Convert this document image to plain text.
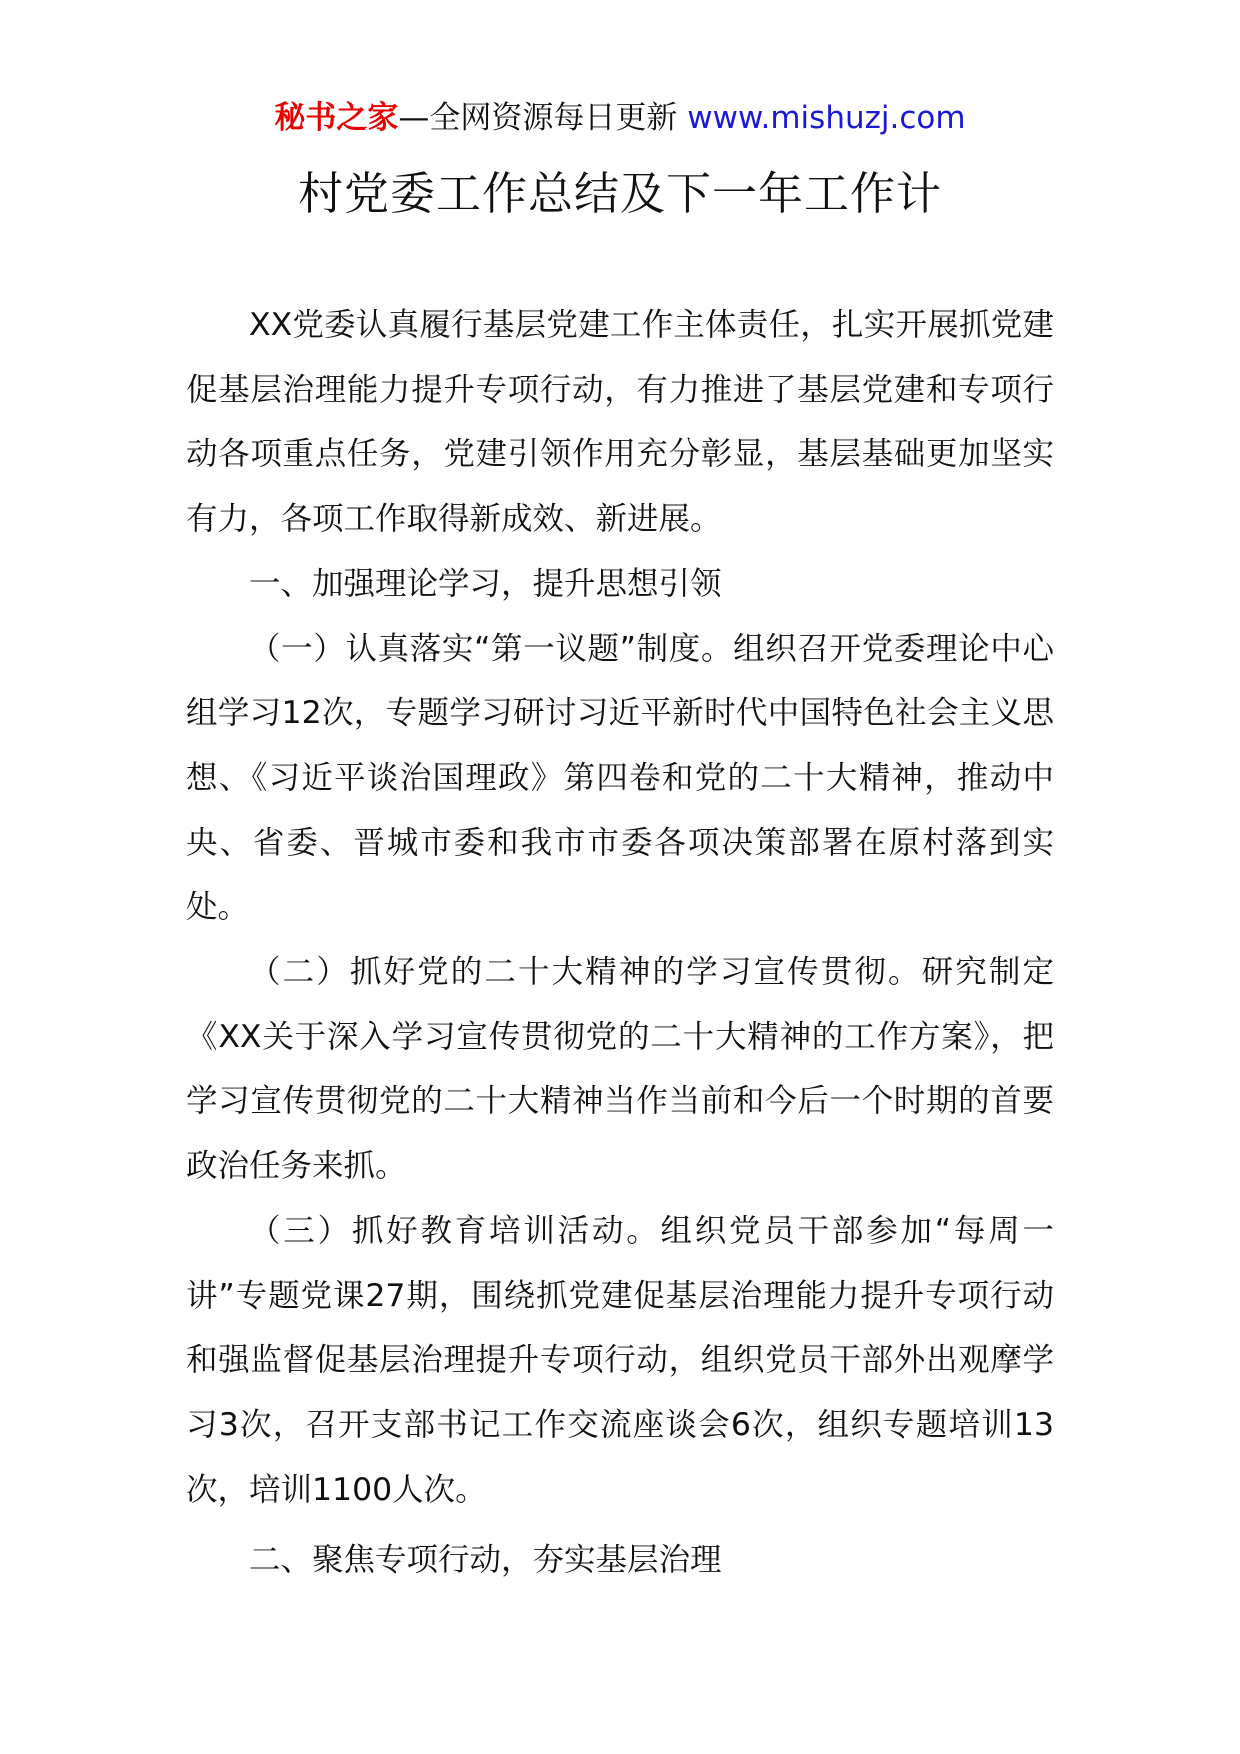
秘书之家—全网资源每日更新 www.mishuzj.com
村党委工作总结及下一年工作计

XX党委认真履行基层党建工作主体责任，扎实开展抓党建促基层治理能力提升专项行动，有力推进了基层党建和专项行动各项重点任务，党建引领作用充分彰显，基层基础更加坚实有力，各项工作取得新成效、新进展。

一、加强理论学习，提升思想引领

（一）认真落实“第一议题”制度。组织召开党委理论中心组学习12次，专题学习研讨习近平新时代中国特色社会主义思想、《习近平谈治国理政》第四卷和党的二十大精神，推动中央、省委、晋城市委和我市市委各项决策部署在原村落到实处。

（二）抓好党的二十大精神的学习宣传贯彻。研究制定《XX关于深入学习宣传贯彻党的二十大精神的工作方案》，把学习宣传贯彻党的二十大精神当作当前和今后一个时期的首要政治任务来抓。

（三）抓好教育培训活动。组织党员干部参加“每周一讲”专题党课27期，围绕抓党建促基层治理能力提升专项行动和强监督促基层治理提升专项行动，组织党员干部外出观摩学习3次，召开支部书记工作交流座谈会6次，组织专题培训13次，培训1100人次。

二、聚焦专项行动，夯实基层治理
